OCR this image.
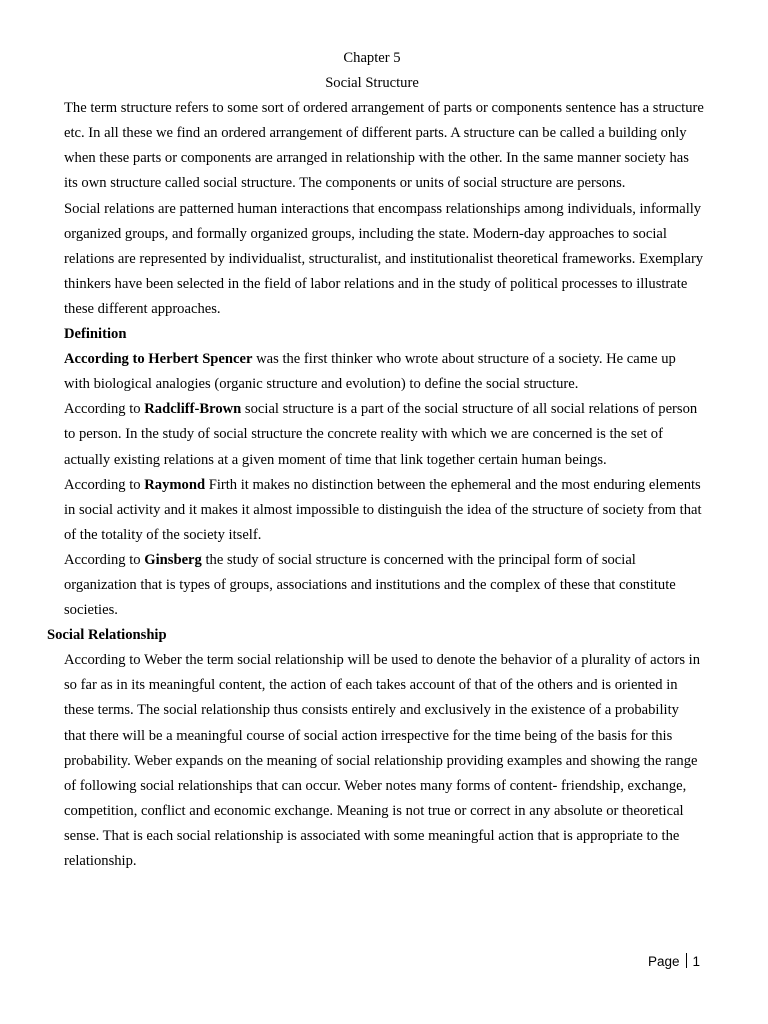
Chapter 5
Social Structure
The term structure refers to some sort of ordered arrangement of parts or components sentence has a structure etc. In all these we find an ordered arrangement of different parts. A structure can be called a building only when these parts or components are arranged in relationship with the other. In the same manner society has its own structure called social structure. The components or units of social structure are persons.
Social relations are patterned human interactions that encompass relationships among individuals, informally organized groups, and formally organized groups, including the state. Modern-day approaches to social relations are represented by individualist, structuralist, and institutionalist theoretical frameworks. Exemplary thinkers have been selected in the field of labor relations and in the study of political processes to illustrate these different approaches.
Definition
According to Herbert Spencer was the first thinker who wrote about structure of a society. He came up with biological analogies (organic structure and evolution) to define the social structure.
According to Radcliff-Brown social structure is a part of the social structure of all social relations of person to person. In the study of social structure the concrete reality with which we are concerned is the set of actually existing relations at a given moment of time that link together certain human beings.
According to Raymond Firth it makes no distinction between the ephemeral and the most enduring elements in social activity and it makes it almost impossible to distinguish the idea of the structure of society from that of the totality of the society itself.
According to Ginsberg the study of social structure is concerned with the principal form of social organization that is types of groups, associations and institutions and the complex of these that constitute societies.
Social Relationship
According to Weber the term social relationship will be used to denote the behavior of a plurality of actors in so far as in its meaningful content, the action of each takes account of that of the others and is oriented in these terms. The social relationship thus consists entirely and exclusively in the existence of a probability that there will be a meaningful course of social action irrespective for the time being of the basis for this probability. Weber expands on the meaning of social relationship providing examples and showing the range of following social relationships that can occur. Weber notes many forms of content- friendship, exchange, competition, conflict and economic exchange. Meaning is not true or correct in any absolute or theoretical sense. That is each social relationship is associated with some meaningful action that is appropriate to the relationship.
Page 1
